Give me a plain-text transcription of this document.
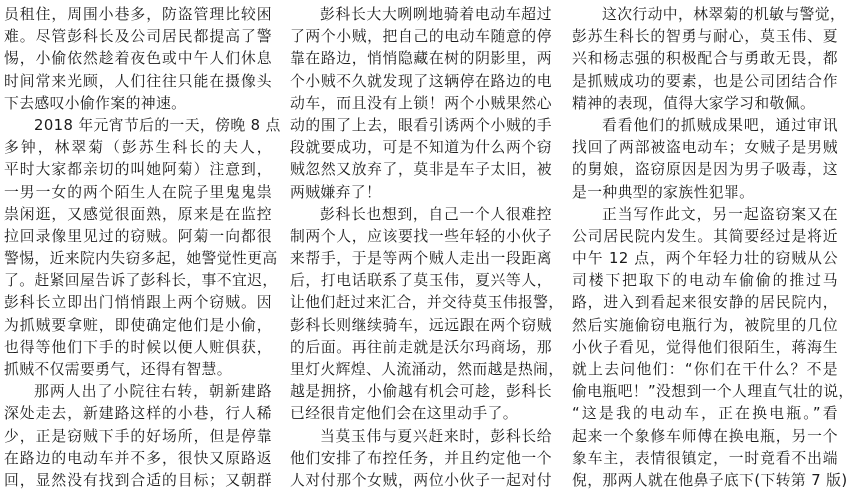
员租住，周围小巷多，防盗管理比较困
难。尽管彭科长及公司居民都提高了警
惕，小偷依然趁着夜色或中午人们休息
时间常来光顾，人们往往只能在摄像头
下去感叹小偷作案的神速。
2018 年元宵节后的一天，傍晚 8 点
多钟，林翠菊（彭苏生科长的夫人，
平时大家都亲切的叫她阿菊）注意到，
一男一女的两个陌生人在院子里鬼鬼祟
祟闲逛，又感觉很面熟，原来是在监控
拉回录像里见过的窃贼。阿菊一向都很
警惕，近来院内失窃多起，她警觉性更高
了。赶紧回屋告诉了彭科长，事不宜迟，
彭科长立即出门悄悄跟上两个窃贼。因
为抓贼要拿赃，即使确定他们是小偷，
也得等他们下手的时候以便人赃俱获，
抓贼不仅需要勇气，还得有智慧。
那两人出了小院往右转，朝新建路
深处走去，新建路这样的小巷，行人稀
少，正是窃贼下手的好场所，但是停靠
在路边的电动车并不多，很快又原路返
回，显然没有找到合适的目标；又朝群
彭科长大大咧咧地骑着电动车超过
了两个小贼，把自己的电动车随意的停
靠在路边，悄悄隐藏在树的阴影里，两
个小贼不久就发现了这辆停在路边的电
动车，而且没有上锁！两个小贼果然心
动的围了上去，眼看引诱两个小贼的手
段就要成功，可是不知道为什么两个窃
贼忽然又放弃了，莫非是车子太旧，被
两贼嫌弃了！
彭科长也想到，自己一个人很难控
制两个人，应该要找一些年轻的小伙子
来帮手，于是等两个贼人走出一段距离
后，打电话联系了莫玉伟，夏兴等人，
让他们赶过来汇合，并交待莫玉伟报警，
彭科长则继续骑车，远远跟在两个窃贼
的后面。再往前走就是沃尔玛商场，那
里灯火辉煌、人流涌动，然而越是热闹，
越是拥挤，小偷越有机会可趁，彭科长
已经很肯定他们会在这里动手了。
当莫玉伟与夏兴赶来时，彭科长给
他们安排了布控任务，并且约定他一个
人对付那个女贼，两位小伙子一起对付
这次行动中，林翠菊的机敏与警觉，
彭苏生科长的智勇与耐心，莫玉伟、夏
兴和杨志强的积极配合与勇敢无畏，都
是抓贼成功的要素，也是公司团结合作
精神的表现，值得大家学习和敬佩。
看看他们的抓贼成果吧，通过审讯
找回了两部被盗电动车；女贼子是男贼
的舅娘，盗窃原因是因为男子吸毒，这
是一种典型的家族性犯罪。
正当写作此文，另一起盗窃案又在
公司居民院内发生。其简要经过是将近
中午 12 点，两个年轻力壮的窃贼从公
司楼下把取下的电动车偷偷的推过马
路，进入到看起来很安静的居民院内，
然后实施偷窃电瓶行为，被院里的几位
小伙子看见，觉得他们很陌生，蒋海生
就上去问他们：“你们在干什么？不是
偷电瓶吧！”没想到一个人理直气壮的说，
“这是我的电动车，正在换电瓶。”看
起来一个象修车师傅在换电瓶，另一个
象车主，表情很镇定，一时竟看不出端
倪，那两人就在他鼻子底下(下转第 7 版)
